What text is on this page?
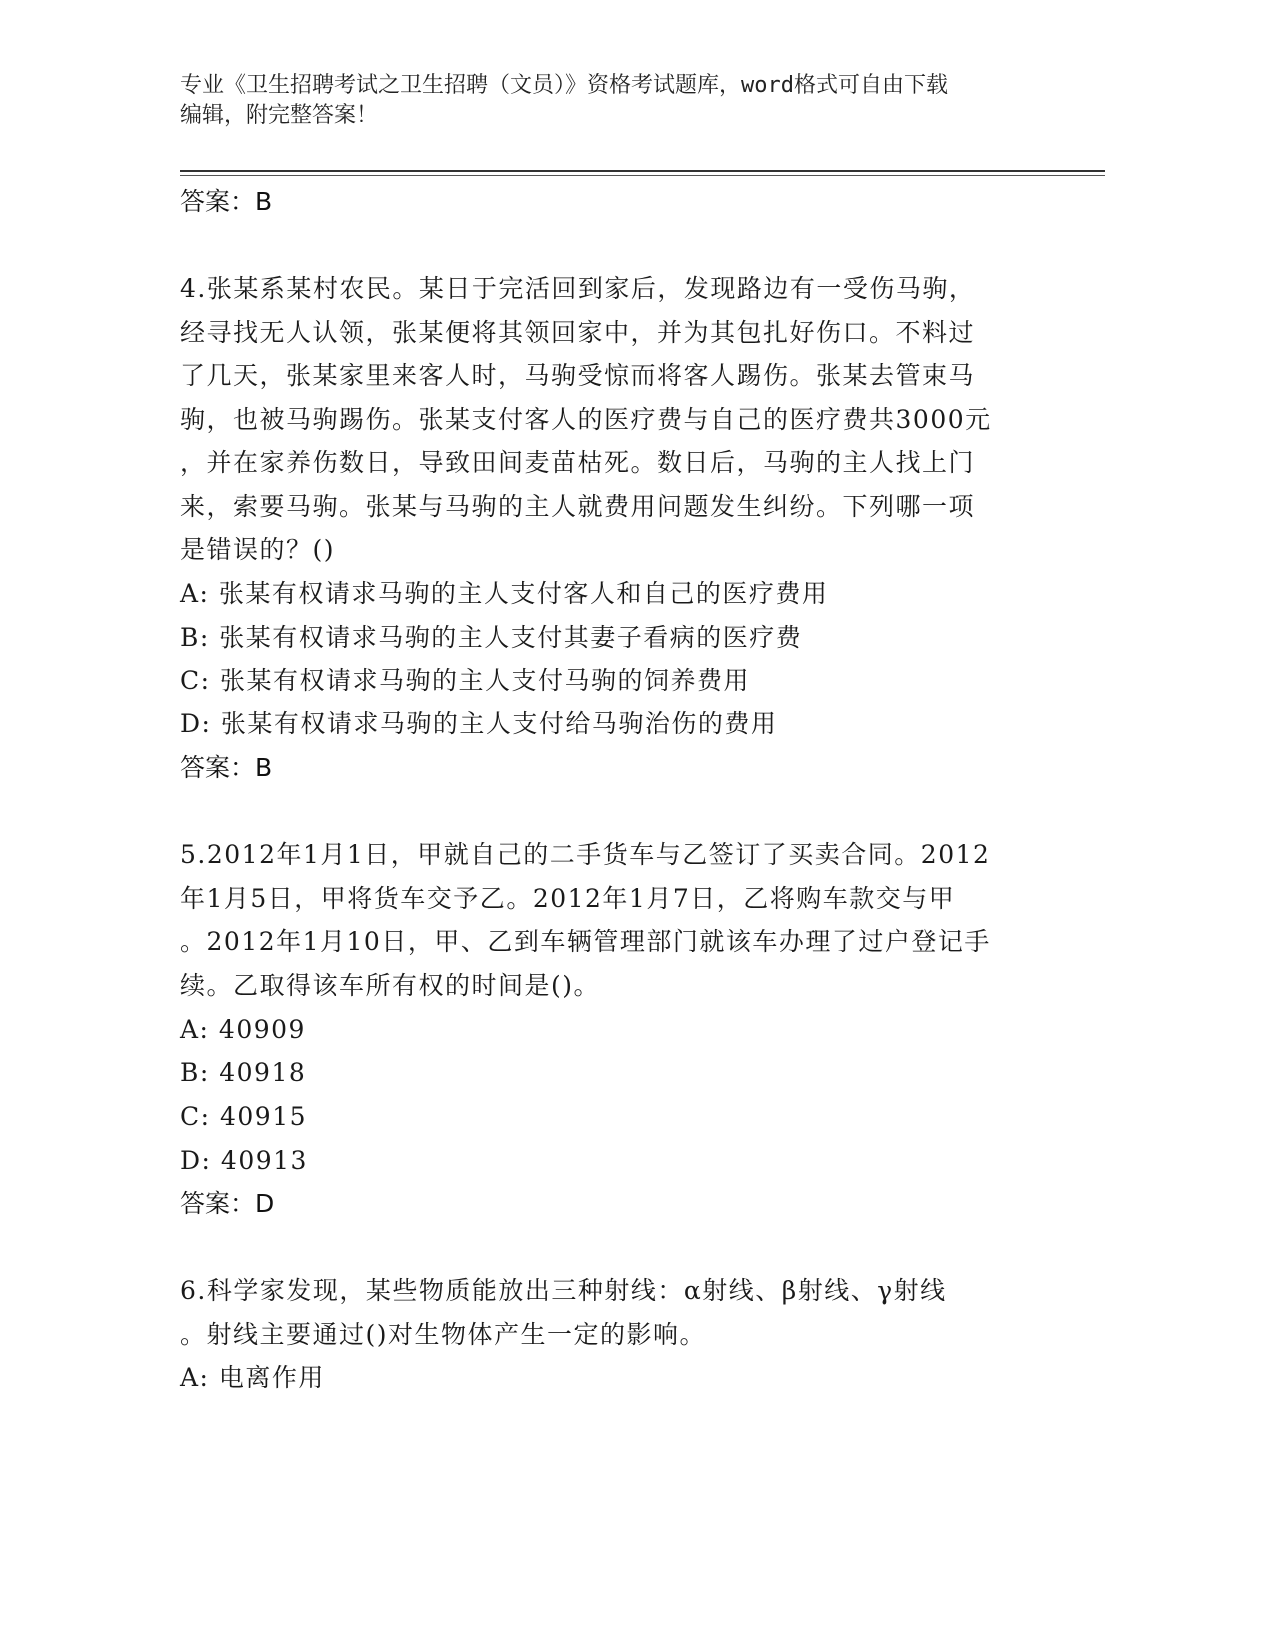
专业《卫生招聘考试之卫生招聘（文员）》资格考试题库，word格式可自由下载
编辑，附完整答案！
答案：B
4.张某系某村农民。某日于完活回到家后，发现路边有一受伤马驹，
经寻找无人认领，张某便将其领回家中，并为其包扎好伤口。不料过
了几天，张某家里来客人时，马驹受惊而将客人踢伤。张某去管束马
驹，也被马驹踢伤。张某支付客人的医疗费与自己的医疗费共3000元
，并在家养伤数日，导致田间麦苗枯死。数日后，马驹的主人找上门
来，索要马驹。张某与马驹的主人就费用问题发生纠纷。下列哪一项
是错误的？()
A: 张某有权请求马驹的主人支付客人和自己的医疗费用
B: 张某有权请求马驹的主人支付其妻子看病的医疗费
C: 张某有权请求马驹的主人支付马驹的饲养费用
D: 张某有权请求马驹的主人支付给马驹治伤的费用
答案：B
5.2012年1月1日，甲就自己的二手货车与乙签订了买卖合同。2012
年1月5日，甲将货车交予乙。2012年1月7日，乙将购车款交与甲
。2012年1月10日，甲、乙到车辆管理部门就该车办理了过户登记手
续。乙取得该车所有权的时间是()。
A: 40909
B: 40918
C: 40915
D: 40913
答案：D
6.科学家发现，某些物质能放出三种射线：α射线、β射线、γ射线
。射线主要通过()对生物体产生一定的影响。
A: 电离作用
